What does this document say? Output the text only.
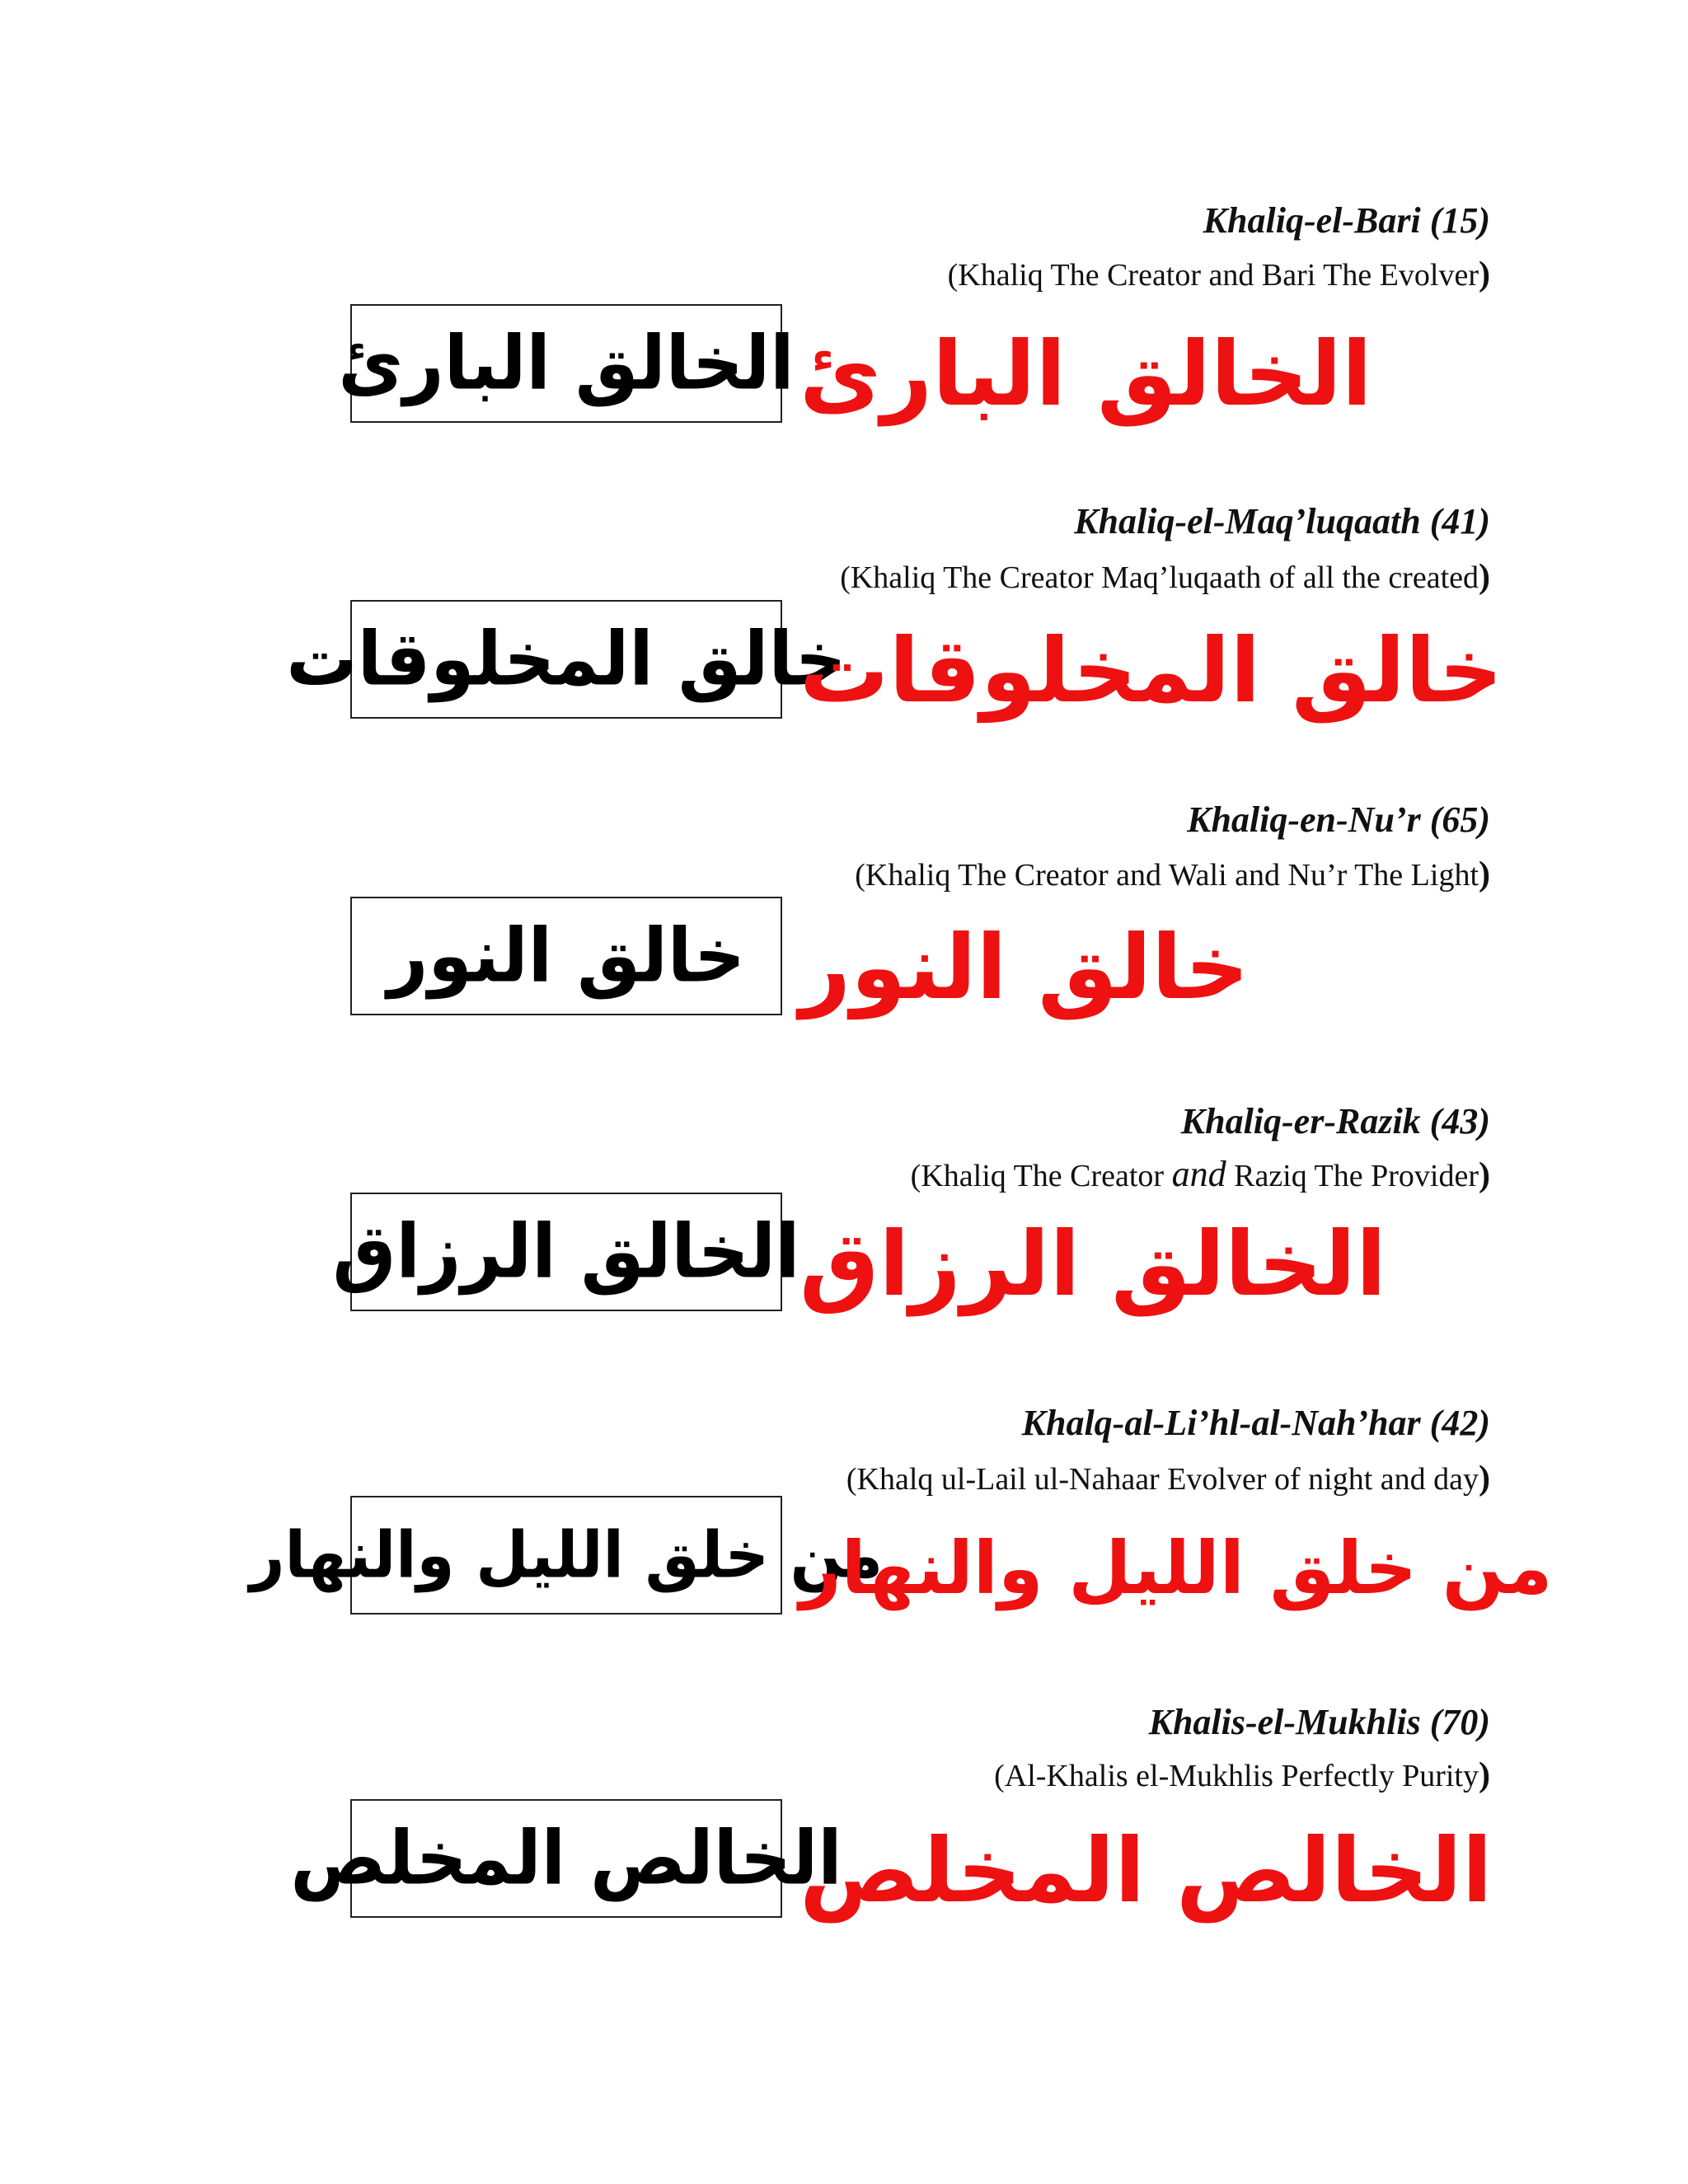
Khaliq-el-Bari (15)
(Khaliq The Creator and Bari The Evolver)
الخالق البارئ الخالق البارئ
Khaliq-el-Maq’luqaath (41)
(Khaliq The Creator Maq’luqaath of all the created)
خالق المخلوقات
خالق المخلوقات
Khaliq-en-Nu’r (65)
(Khaliq The Creator and Wali and Nu’r The Light)
خالق النور خالق النور
Khaliq-er-Razik (43)
(Khaliq The Creator and Raziq The Provider)
الخالق الرزاق الخالق الرزاق
Khalq-al-Li’hl-al-Nah’har (42)
(Khalq ul-Lail ul-Nahaar Evolver of night and day)
من خلق الليل والنهار
من خلق الليل والنهار
Khalis-el-Mukhlis (70)
(Al-Khalis el-Mukhlis Perfectly Purity)
الخالص المخلص
الخالص المخلص
